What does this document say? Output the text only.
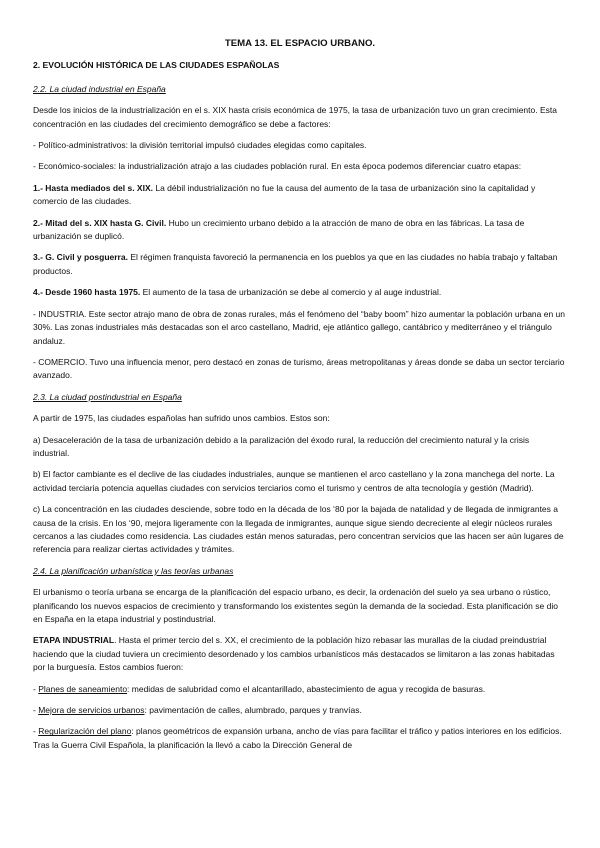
TEMA 13. EL ESPACIO URBANO.
2. EVOLUCIÓN HISTÓRICA DE LAS CIUDADES ESPAÑOLAS
2.2. La ciudad industrial en España

Desde los inicios de la industrialización en el s. XIX hasta crisis económica de 1975, la tasa de urbanización tuvo un gran crecimiento. Esta concentración en las ciudades del crecimiento demográfico se debe a factores:

- Político-administrativos: la división territorial impulsó ciudades elegidas como capitales.

- Económico-sociales: la industrialización atrajo a las ciudades población rural. En esta época podemos diferenciar cuatro etapas:

1.- Hasta mediados del s. XIX. La débil industrialización no fue la causa del aumento de la tasa de urbanización sino la capitalidad y comercio de las ciudades.

2.- Mitad del s. XIX hasta G. Civil. Hubo un crecimiento urbano debido a la atracción de mano de obra en las fábricas. La tasa de urbanización se duplicó.

3.- G. Civil y posguerra. El régimen franquista favoreció la permanencia en los pueblos ya que en las ciudades no había trabajo y faltaban productos.

4.- Desde 1960 hasta 1975. El aumento de la tasa de urbanización se debe al comercio y al auge industrial.

- INDUSTRIA. Este sector atrajo mano de obra de zonas rurales, más el fenómeno del “baby boom” hizo aumentar la población urbana en un 30%. Las zonas industriales más destacadas son el arco castellano, Madrid, eje atlántico gallego, cantábrico y mediterráneo y el triángulo andaluz.

- COMERCIO. Tuvo una influencia menor, pero destacó en zonas de turismo, áreas metropolitanas y áreas donde se daba un sector terciario avanzado.

2.3. La ciudad postindustrial en España

A partir de 1975, las ciudades españolas han sufrido unos cambios. Estos son:

a) Desaceleración de la tasa de urbanización debido a la paralización del éxodo rural, la reducción del crecimiento natural y la crisis industrial.

b) El factor cambiante es el declive de las ciudades industriales, aunque se mantienen el arco castellano y la zona manchega del norte. La actividad terciaria potencia aquellas ciudades con servicios terciarios como el turismo y centros de alta tecnología y gestión (Madrid).

c) La concentración en las ciudades desciende, sobre todo en la década de los ‘80 por la bajada de natalidad y de llegada de inmigrantes a causa de la crisis. En los ‘90, mejora ligeramente con la llegada de inmigrantes, aunque sigue siendo decreciente al elegir núcleos rurales cercanos a las ciudades como residencia. Las ciudades están menos saturadas, pero concentran servicios que las hacen ser aún lugares de referencia para realizar ciertas actividades y trámites.

2.4. La planificación urbanística y las teorías urbanas

El urbanismo o teoría urbana se encarga de la planificación del espacio urbano, es decir, la ordenación del suelo ya sea urbano o rústico, planificando los nuevos espacios de crecimiento y transformando los existentes según la demanda de la sociedad. Esta planificación se dio en España en la etapa industrial y postindustrial.

ETAPA INDUSTRIAL. Hasta el primer tercio del s. XX, el crecimiento de la población hizo rebasar las murallas de la ciudad preindustrial haciendo que la ciudad tuviera un crecimiento desordenado y los cambios urbanísticos más destacados se limitaron a las zonas habitadas por la burguesía. Estos cambios fueron:

- Planes de saneamiento: medidas de salubridad como el alcantarillado, abastecimiento de agua y recogida de basuras.

- Mejora de servicios urbanos: pavimentación de calles, alumbrado, parques y tranvías.

- Regularización del plano: planos geométricos de expansión urbana, ancho de vías para facilitar el tráfico y patios interiores en los edificios. Tras la Guerra Civil Española, la planificación la llevó a cabo la Dirección General de
